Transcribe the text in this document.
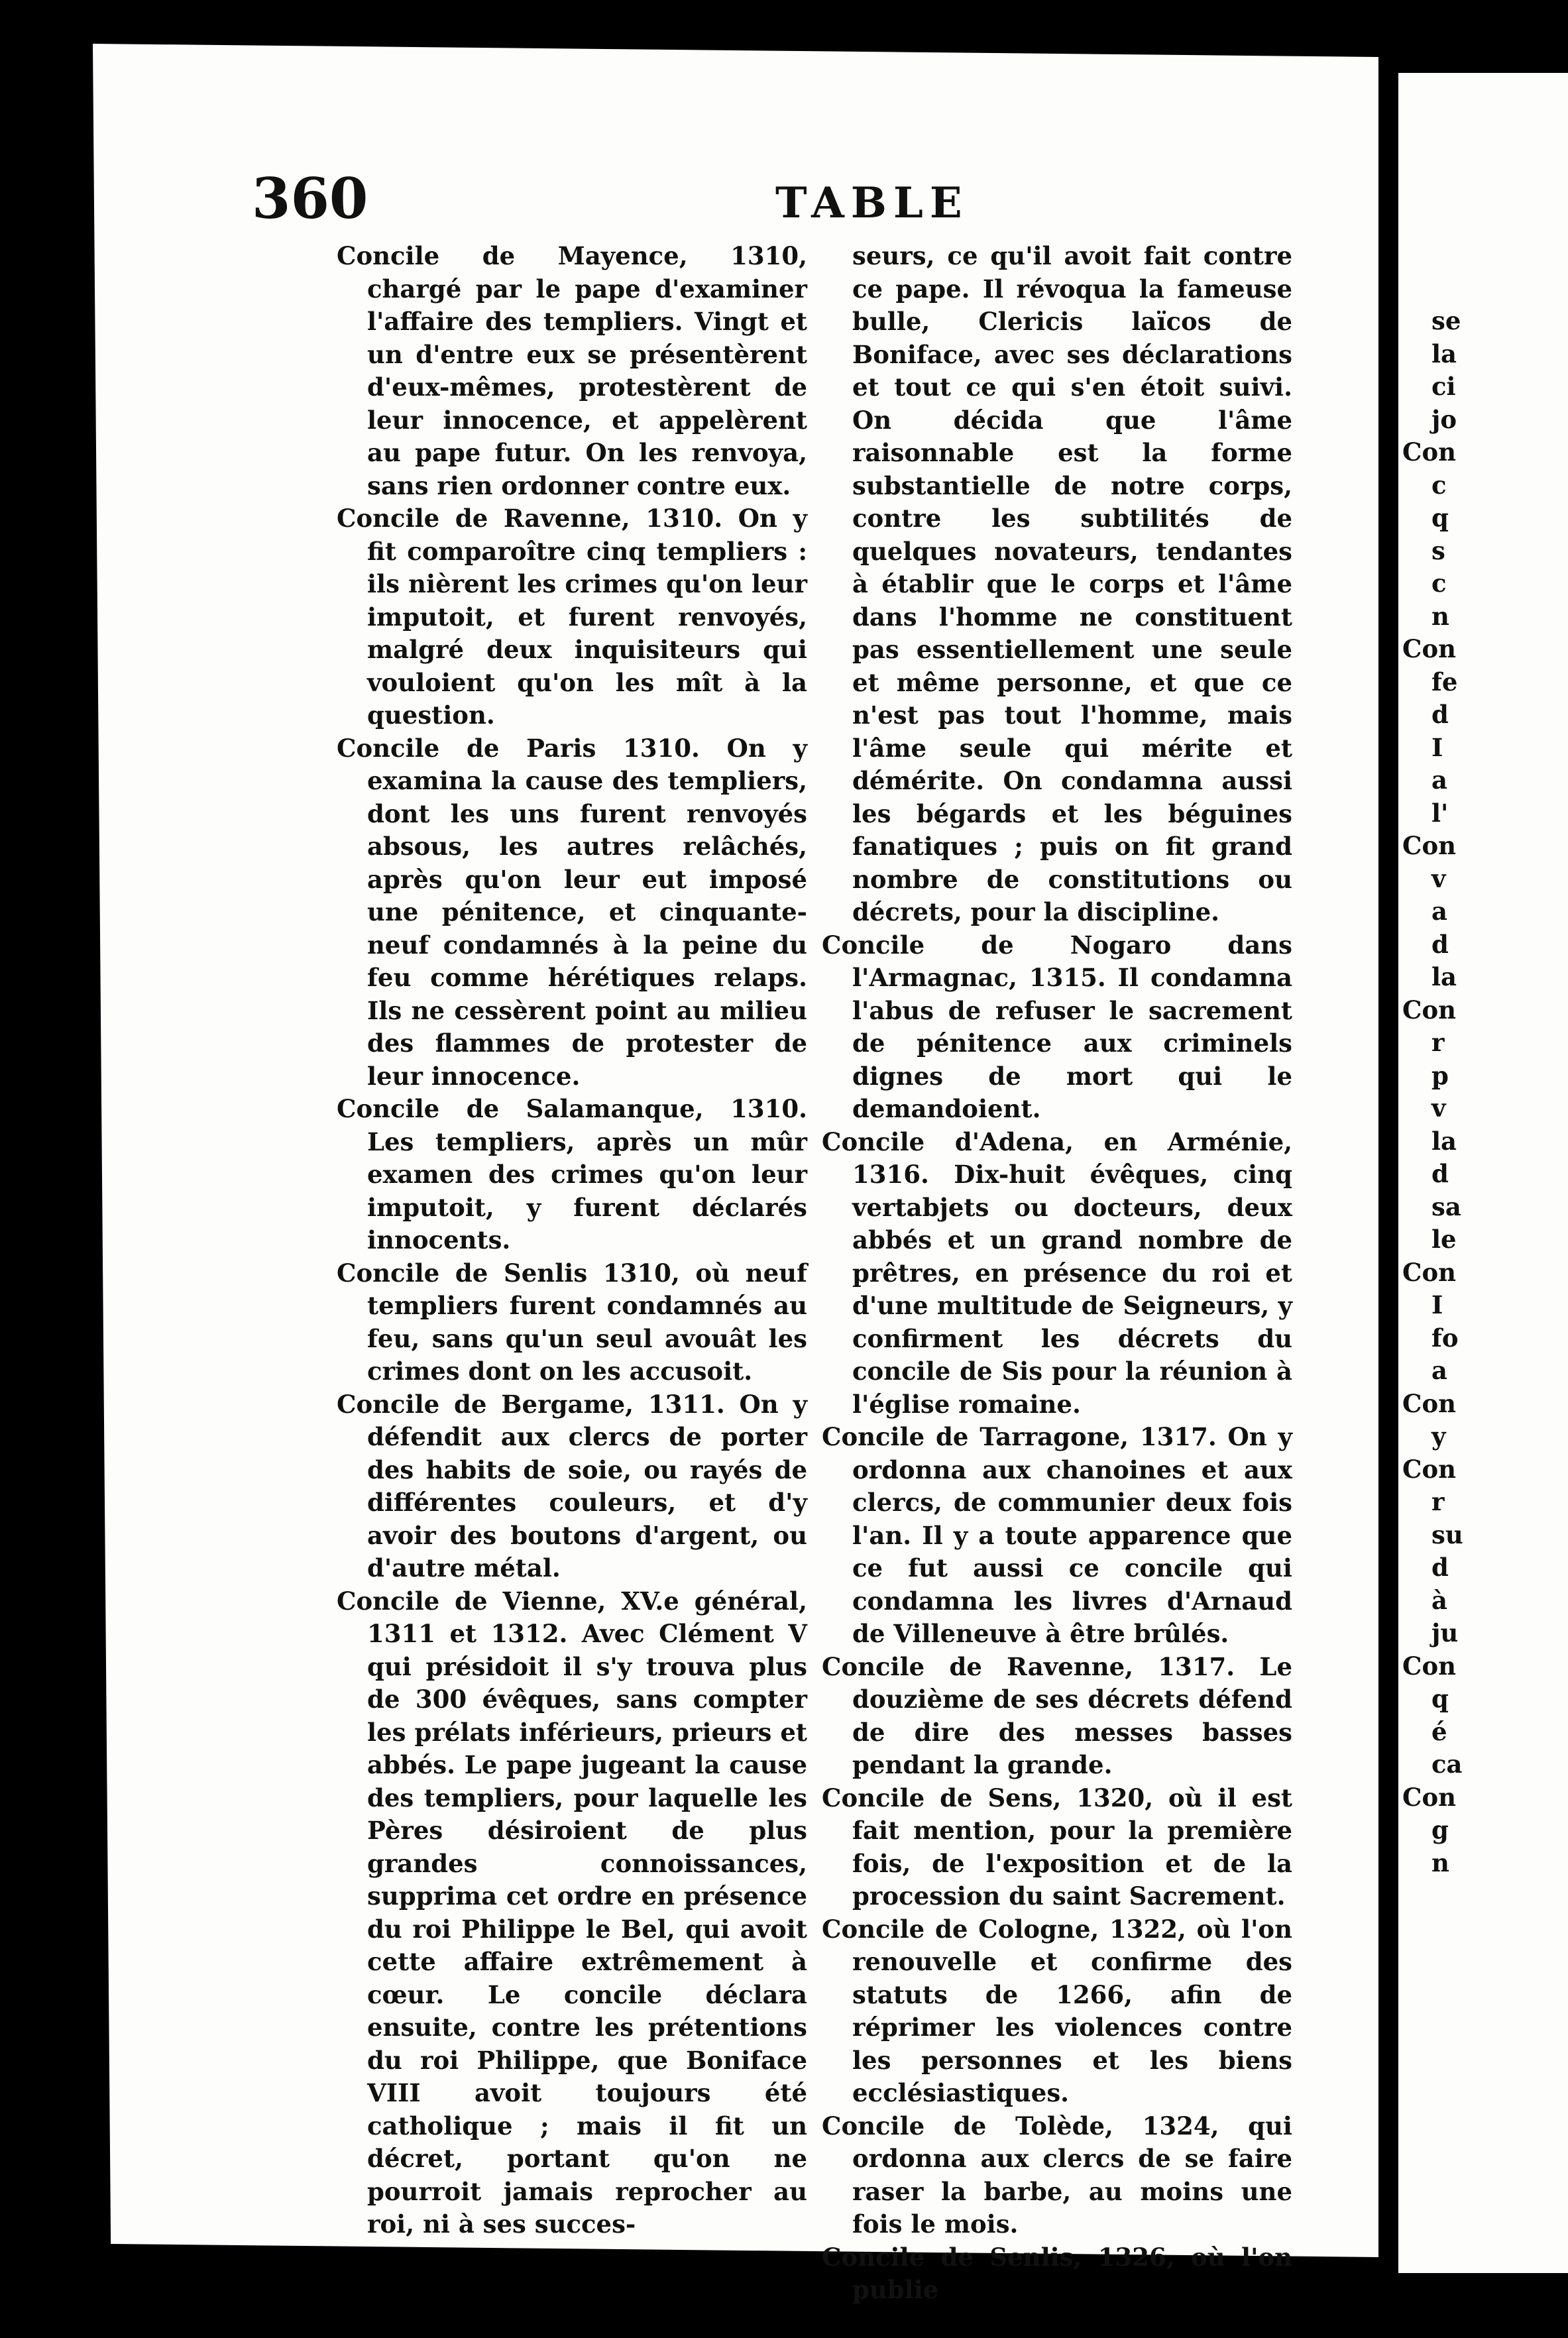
se
la
ci
jo
Con
c
q
s
c
n
Con
fe
d
I
a
l'
Con
v
a
d
la
Con
r
p
v
la
d
sa
le
Con
I
fo
a
Con
y
Con
r
su
d
à
ju
Con
q
é
ca
Con
g
n
360	TABLE
Concile de Mayence, 1310, chargé par le pape d'examiner l'affaire des templiers. Vingt et un d'entre eux se présentèrent d'eux-mêmes, protestèrent de leur innocence, et appelèrent au pape futur. On les renvoya, sans rien ordonner contre eux.
Concile de Ravenne, 1310. On y fit comparoître cinq templiers : ils nièrent les crimes qu'on leur imputoit, et furent renvoyés, malgré deux inquisiteurs qui vouloient qu'on les mît à la question.
Concile de Paris 1310. On y examina la cause des templiers, dont les uns furent renvoyés absous, les autres relâchés, après qu'on leur eut imposé une pénitence, et cinquante-neuf condamnés à la peine du feu comme hérétiques relaps. Ils ne cessèrent point au milieu des flammes de protester de leur innocence.
Concile de Salamanque, 1310. Les templiers, après un mûr examen des crimes qu'on leur imputoit, y furent déclarés innocents.
Concile de Senlis 1310, où neuf templiers furent condamnés au feu, sans qu'un seul avouât les crimes dont on les accusoit.
Concile de Bergame, 1311. On y défendit aux clercs de porter des habits de soie, ou rayés de différentes couleurs, et d'y avoir des boutons d'argent, ou d'autre métal.
Concile de Vienne, XV.e général, 1311 et 1312. Avec Clément V qui présidoit il s'y trouva plus de 300 évêques, sans compter les prélats inférieurs, prieurs et abbés. Le pape jugeant la cause des templiers, pour laquelle les Pères désiroient de plus grandes connoissances, supprima cet ordre en présence du roi Philippe le Bel, qui avoit cette affaire extrêmement à cœur. Le concile déclara ensuite, contre les prétentions du roi Philippe, que Boniface VIII avoit toujours été catholique ; mais il fit un décret, portant qu'on ne pourroit jamais reprocher au roi, ni à ses succes-
seurs, ce qu'il avoit fait contre ce pape. Il révoqua la fameuse bulle, Clericis laïcos de Boniface, avec ses déclarations et tout ce qui s'en étoit suivi. On décida que l'âme raisonnable est la forme substantielle de notre corps, contre les subtilités de quelques novateurs, tendantes à établir que le corps et l'âme dans l'homme ne constituent pas essentiellement une seule et même personne, et que ce n'est pas tout l'homme, mais l'âme seule qui mérite et démérite. On condamna aussi les bégards et les béguines fanatiques ; puis on fit grand nombre de constitutions ou décrets, pour la discipline.
Concile de Nogaro dans l'Armagnac, 1315. Il condamna l'abus de refuser le sacrement de pénitence aux criminels dignes de mort qui le demandoient.
Concile d'Adena, en Arménie, 1316. Dix-huit évêques, cinq vertabjets ou docteurs, deux abbés et un grand nombre de prêtres, en présence du roi et d'une multitude de Seigneurs, y confirment les décrets du concile de Sis pour la réunion à l'église romaine.
Concile de Tarragone, 1317. On y ordonna aux chanoines et aux clercs, de communier deux fois l'an. Il y a toute apparence que ce fut aussi ce concile qui condamna les livres d'Arnaud de Villeneuve à être brûlés.
Concile de Ravenne, 1317. Le douzième de ses décrets défend de dire des messes basses pendant la grande.
Concile de Sens, 1320, où il est fait mention, pour la première fois, de l'exposition et de la procession du saint Sacrement.
Concile de Cologne, 1322, où l'on renouvelle et confirme des statuts de 1266, afin de réprimer les violences contre les personnes et les biens ecclésiastiques.
Concile de Tolède, 1324, qui ordonna aux clercs de se faire raser la barbe, au moins une fois le mois.
Concile de Senlis, 1326, où l'on publie
